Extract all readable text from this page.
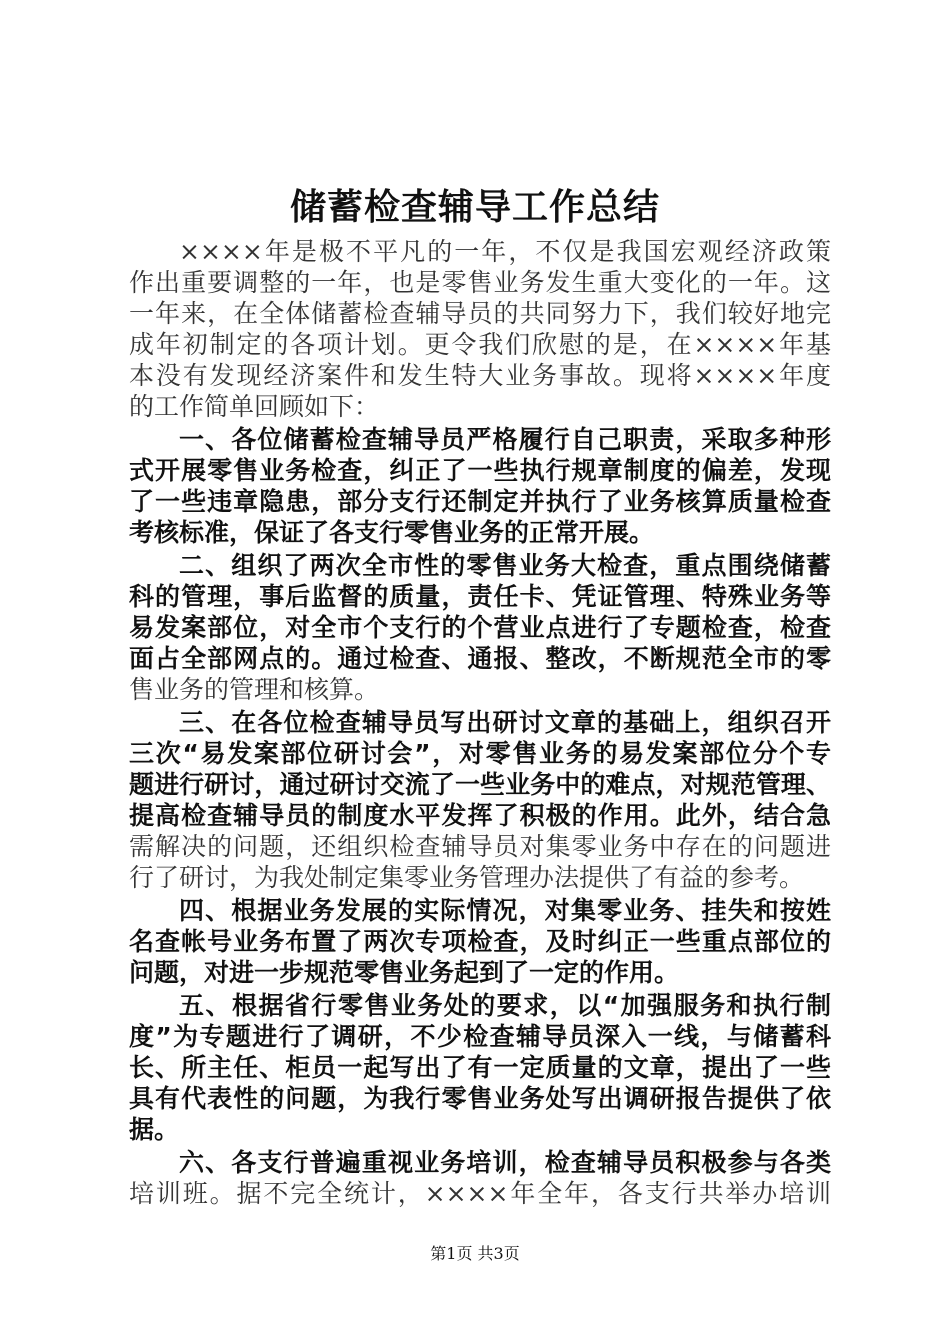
储蓄检查辅导工作总结
××××年是极不平凡的一年，不仅是我国宏观经济政策
作出重要调整的一年，也是零售业务发生重大变化的一年。这
一年来，在全体储蓄检查辅导员的共同努力下，我们较好地完
成年初制定的各项计划。更令我们欣慰的是，在××××年基
本没有发现经济案件和发生特大业务事故。现将××××年度
的工作简单回顾如下：
一、各位储蓄检查辅导员严格履行自己职责，采取多种形
式开展零售业务检查，纠正了一些执行规章制度的偏差，发现
了一些违章隐患，部分支行还制定并执行了业务核算质量检查
考核标准，保证了各支行零售业务的正常开展。
二、组织了两次全市性的零售业务大检查，重点围绕储蓄
科的管理，事后监督的质量，责任卡、凭证管理、特殊业务等
易发案部位，对全市个支行的个营业点进行了专题检查，检查
面占全部网点的。通过检查、通报、整改，不断规范全市的零
售业务的管理和核算。
三、在各位检查辅导员写出研讨文章的基础上，组织召开
三次“易发案部位研讨会”，对零售业务的易发案部位分个专
题进行研讨，通过研讨交流了一些业务中的难点，对规范管理、
提高检查辅导员的制度水平发挥了积极的作用。此外，结合急
需解决的问题，还组织检查辅导员对集零业务中存在的问题进
行了研讨，为我处制定集零业务管理办法提供了有益的参考。
四、根据业务发展的实际情况，对集零业务、挂失和按姓
名查帐号业务布置了两次专项检查，及时纠正一些重点部位的
问题，对进一步规范零售业务起到了一定的作用。
五、根据省行零售业务处的要求，以“加强服务和执行制
度”为专题进行了调研，不少检查辅导员深入一线，与储蓄科
长、所主任、柜员一起写出了有一定质量的文章，提出了一些
具有代表性的问题，为我行零售业务处写出调研报告提供了依
据。
六、各支行普遍重视业务培训，检查辅导员积极参与各类
培训班。据不完全统计，××××年全年，各支行共举办培训
第1页 共3页
